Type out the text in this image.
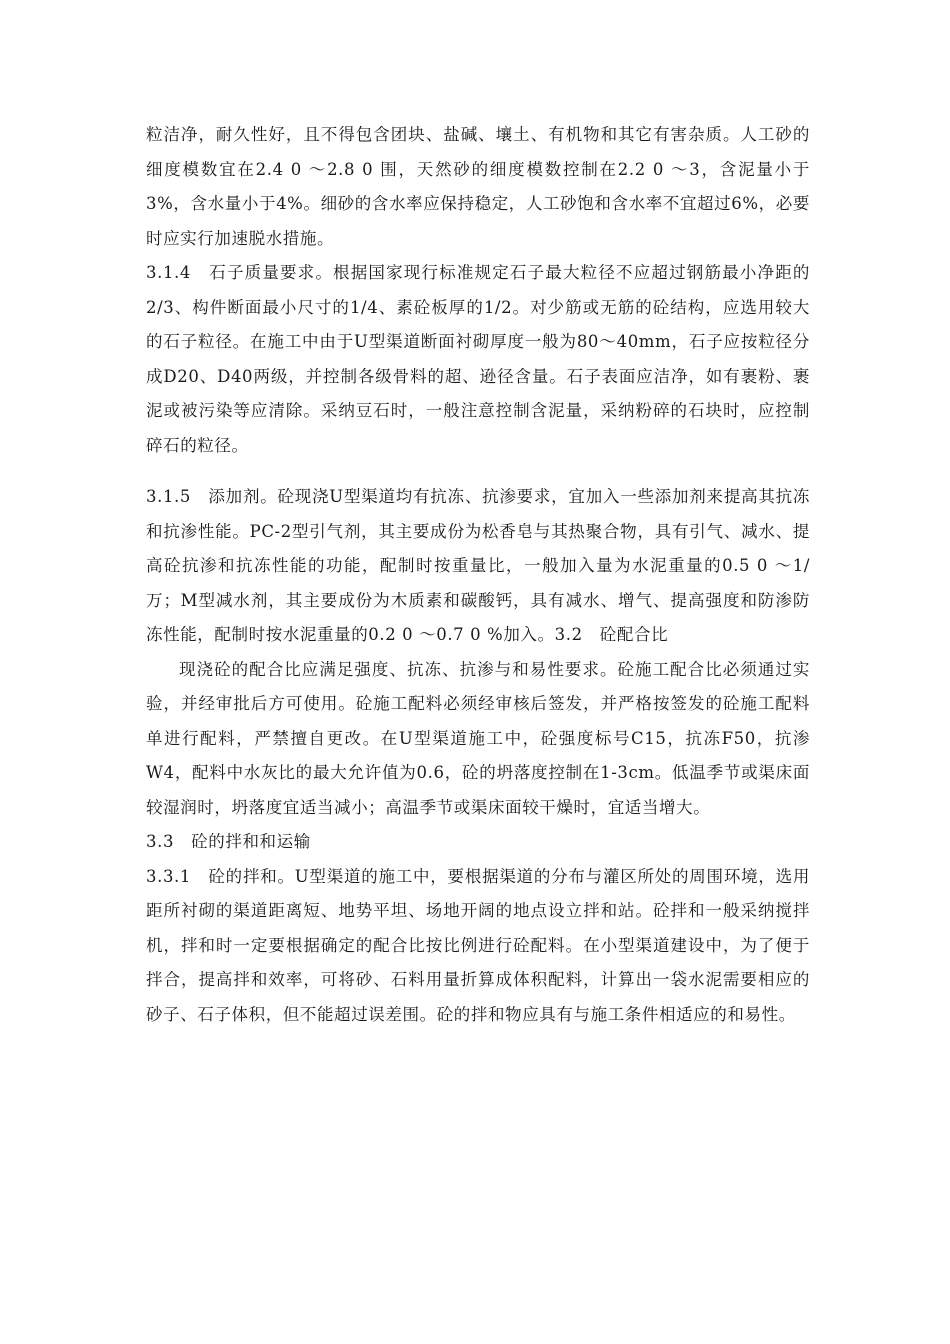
粒洁净，耐久性好，且不得包含团块、盐碱、壤土、有机物和其它有害杂质。人工砂的细度模数宜在2.4 0 ～2.8 0 围，天然砂的细度模数控制在2.2 0 ～3，含泥量小于3%，含水量小于4%。细砂的含水率应保持稳定，人工砂饱和含水率不宜超过6%，必要时应实行加速脱水措施。

3.1.4　石子质量要求。根据国家现行标准规定石子最大粒径不应超过钢筋最小净距的2/3、构件断面最小尺寸的1/4、素砼板厚的1/2。对少筋或无筋的砼结构，应选用较大的石子粒径。在施工中由于U型渠道断面衬砌厚度一般为80～40mm，石子应按粒径分成D20、D40两级，并控制各级骨料的超、逊径含量。石子表面应洁净，如有裹粉、裹泥或被污染等应清除。采纳豆石时，一般注意控制含泥量，采纳粉碎的石块时，应控制碎石的粒径。

3.1.5　添加剂。砼现浇U型渠道均有抗冻、抗渗要求，宜加入一些添加剂来提高其抗冻和抗渗性能。PC-2型引气剂，其主要成份为松香皂与其热聚合物，具有引气、减水、提高砼抗渗和抗冻性能的功能，配制时按重量比，一般加入量为水泥重量的0.5 0 ～1/万；M型减水剂，其主要成份为木质素和碳酸钙，具有减水、增气、提高强度和防渗防冻性能，配制时按水泥重量的0.2 0 ～0.7 0 %加入。3.2　砼配合比

现浇砼的配合比应满足强度、抗冻、抗渗与和易性要求。砼施工配合比必须通过实验，并经审批后方可使用。砼施工配料必须经审核后签发，并严格按签发的砼施工配料单进行配料，严禁擅自更改。在U型渠道施工中，砼强度标号C15，抗冻F50，抗渗W4，配料中水灰比的最大允许值为0.6，砼的坍落度控制在1-3cm。低温季节或渠床面较湿润时，坍落度宜适当减小；高温季节或渠床面较干燥时，宜适当增大。

3.3　砼的拌和和运输

3.3.1　砼的拌和。U型渠道的施工中，要根据渠道的分布与灌区所处的周围环境，选用距所衬砌的渠道距离短、地势平坦、场地开阔的地点设立拌和站。砼拌和一般采纳搅拌机，拌和时一定要根据确定的配合比按比例进行砼配料。在小型渠道建设中，为了便于拌合，提高拌和效率，可将砂、石料用量折算成体积配料，计算出一袋水泥需要相应的砂子、石子体积，但不能超过误差围。砼的拌和物应具有与施工条件相适应的和易性。
